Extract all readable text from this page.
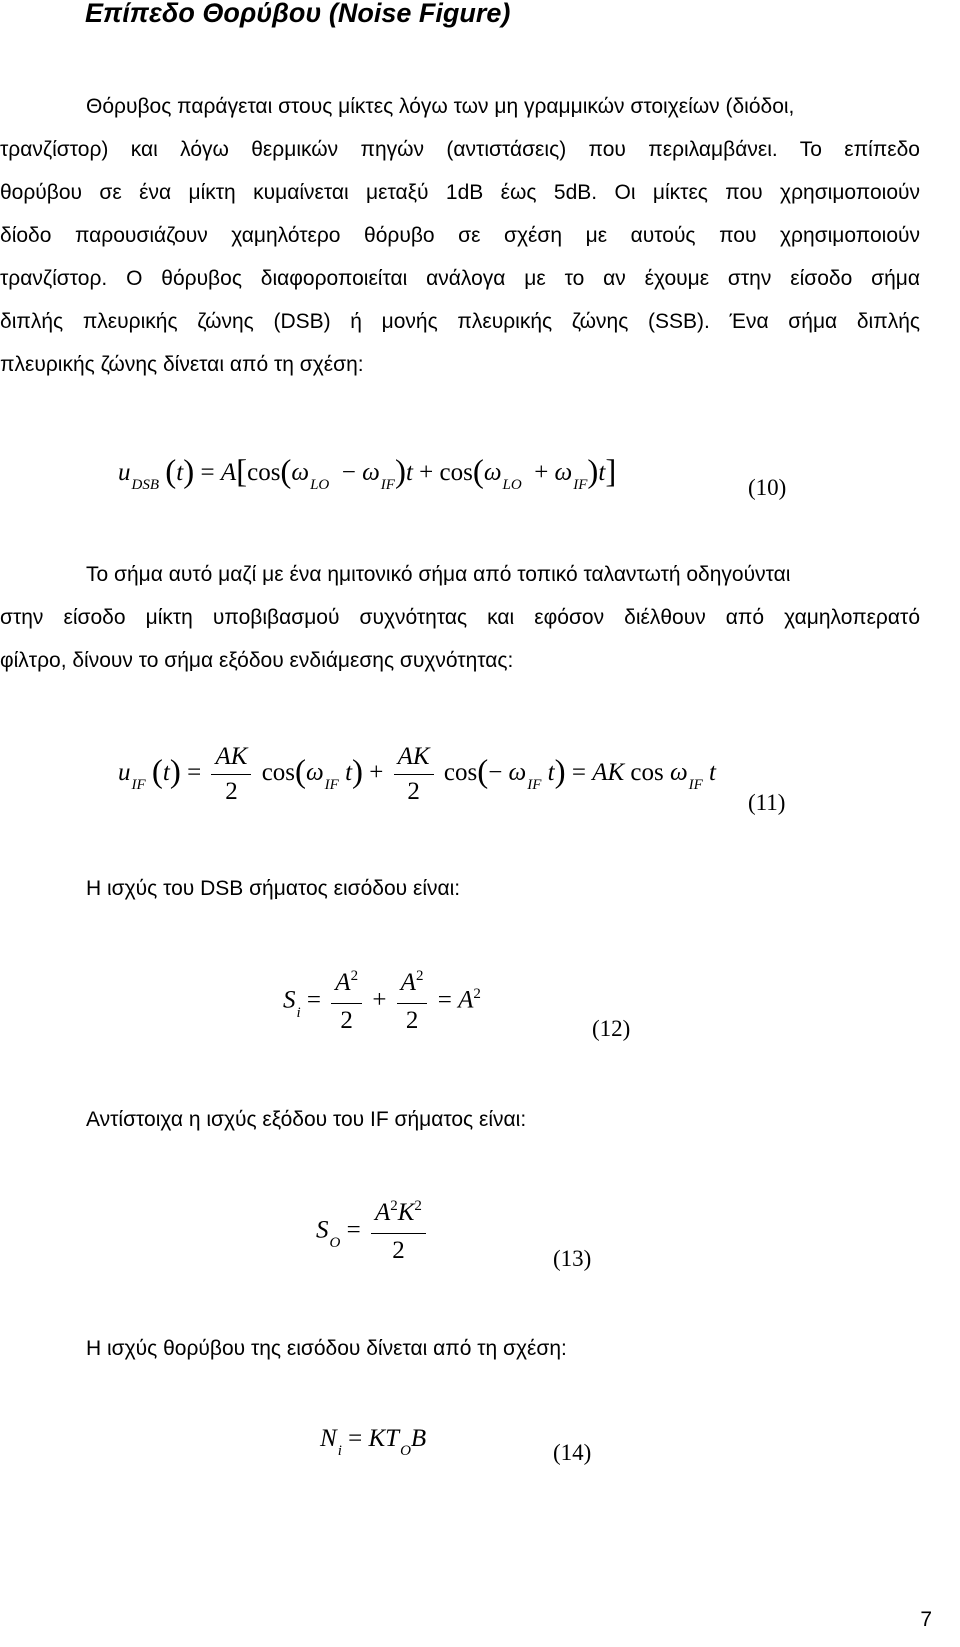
Επίπεδο Θορύβου (Noise Figure)
Θόρυβος παράγεται στους μίκτες λόγω των μη γραμμικών στοιχείων (διόδοι,
τρανζίστορ) και λόγω θερμικών πηγών (αντιστάσεις) που περιλαμβάνει. Το επίπεδο
θορύβου σε ένα μίκτη κυμαίνεται μεταξύ 1dB έως 5dB. Οι μίκτες που χρησιμοποιούν
δίοδο παρουσιάζουν χαμηλότερο θόρυβο σε σχέση με αυτούς που χρησιμοποιούν
τρανζίστορ. Ο θόρυβος διαφοροποιείται ανάλογα με το αν έχουμε στην είσοδο σήμα
διπλής πλευρικής ζώνης (DSB) ή μονής πλευρικής ζώνης (SSB). Ένα σήμα διπλής
πλευρικής ζώνης δίνεται από τη σχέση:
$u_{DSB}$ $(t) = A[\cos(\omega_{LO} - \omega_{IF})t + \cos(\omega_{LO} + \omega_{IF})t]$	(10)
Το σήμα αυτό μαζί με ένα ημιτονικό σήμα από τοπικό ταλαντωτή οδηγούνται
στην είσοδο μίκτη υποβιβασμού συχνότητας και εφόσον διέλθουν από χαμηλοπερατό
φίλτρο, δίνουν το σήμα εξόδου ενδιάμεσης συχνότητας:
$u_{IF}$ $(t) = \frac{AK}{2} \cos(\omega_{IF}$ $t) + \frac{AK}{2} \cos(- \omega_{IF}$ t) = AK $\cos \omega_{IF}$ t
(11)
Η ισχύς του DSB σήματος εισόδου είναι:
$S_i = \frac{A^2}{2} + \frac{A^2}{2} = A^2$
(12)
Αντίστοιχα η ισχύς εξόδου του IF σήματος είναι:
$S_O = \frac{A^2K^2}{2}$	(13)
Η ισχύς θορύβου της εισόδου δίνεται από τη σχέση:
$N_i = KT_OB$
(14)
7
